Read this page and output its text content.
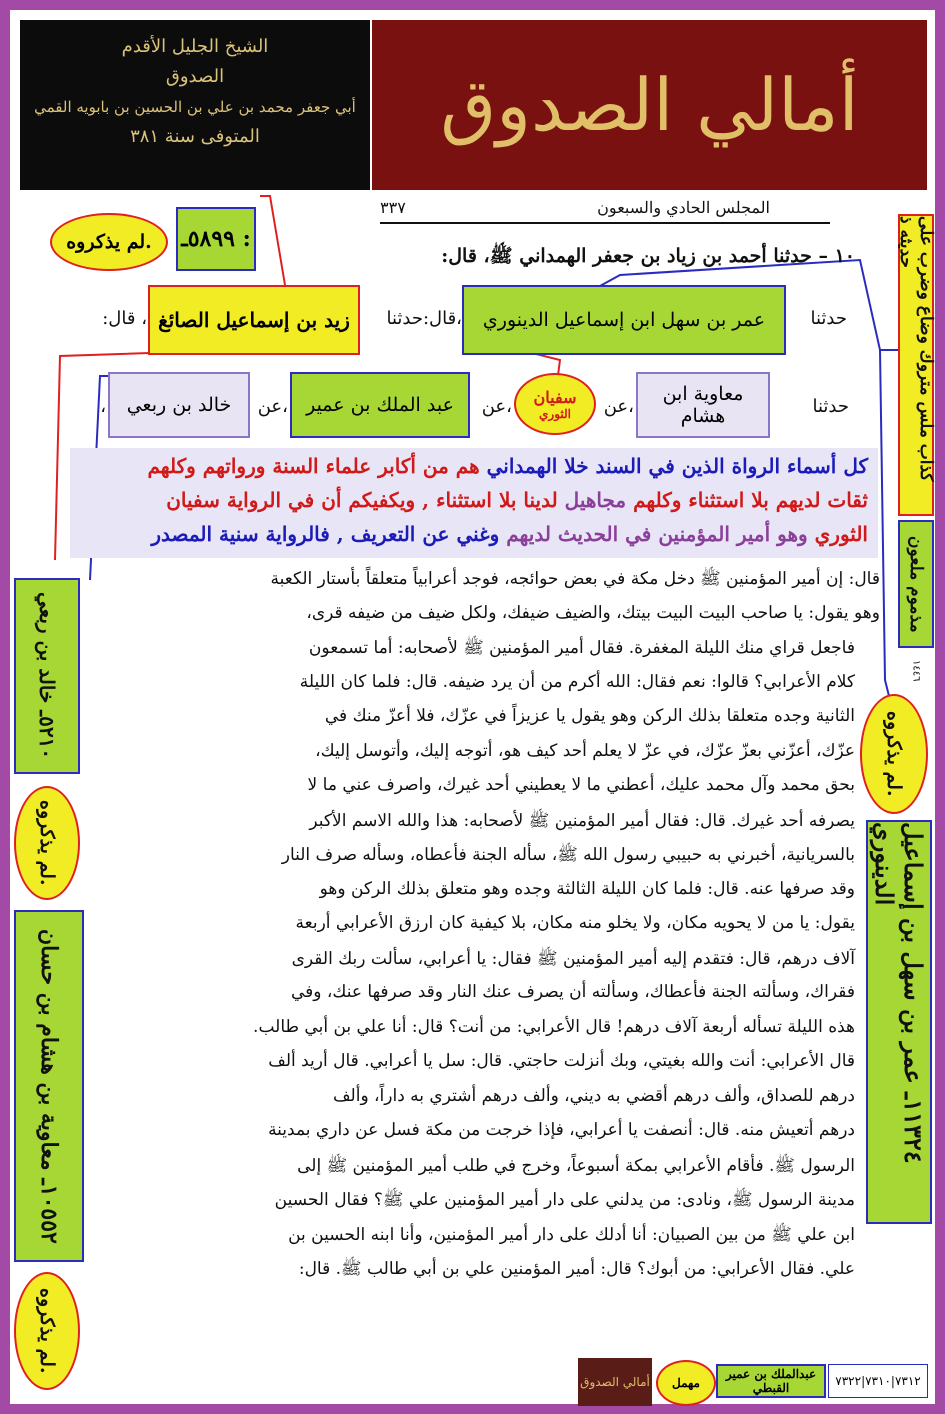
الشيخ الجليل الأقدم
الصدوق
أبي جعفر محمد بن علي بن الحسين بن بابويه القمي
المتوفى سنة ٣٨١	أمالي الصدوق
٣٣٧	المجلس الحادي والسبعون
لم يذكروه.	٥٨٩٩ـ :
١٠ – حدثنا أحمد بن زياد بن جعفر الهمداني ﷺ، قال:
زيد بن إسماعيل الصائغ	عمر بن سهل ابن إسماعيل الدينوري	حدثنا
،قال:حدثنا
، قال:
خالد بن ربعي	عبد الملك بن عمير	سفيان
الثوري
معاوية ابن هشام	حدثنا
،عن
،عن
،عن
،
كل أسماء الرواة الذين في السند خلا الهمداني هم من أكابر علماء السنة ورواتهم وكلهم
ثقات لديهم بلا استثناء وكلهم مجاهيل لدينا بلا استثناء , ويكفيكم أن في الرواية سفيان
الثوري وهو أمير المؤمنين في الحديث لديهم وغني عن التعريف , فالرواية سنية المصدر
قال: إن أمير المؤمنين ﷺ دخل مكة في بعض حوائجه، فوجد أعرابياً متعلقاً بأستار الكعبة
وهو يقول: يا صاحب البيت البيت بيتك، والضيف ضيفك، ولكل ضيف من ضيفه قرى،
فاجعل قراي منك الليلة المغفرة. فقال أمير المؤمنين ﷺ لأصحابه: أما تسمعون
كلام الأعرابي؟ قالوا: نعم فقال: الله أكرم من أن يرد ضيفه. قال: فلما كان الليلة
الثانية وجده متعلقا بذلك الركن وهو يقول يا عزيزاً في عزّك، فلا أعزّ منك في
عزّك، أعزّني بعزّ عزّك، في عزّ لا يعلم أحد كيف هو، أتوجه إليك، وأتوسل إليك،
بحق محمد وآل محمد عليك، أعطني ما لا يعطيني أحد غيرك، واصرف عني ما لا
يصرفه أحد غيرك. قال: فقال أمير المؤمنين ﷺ لأصحابه: هذا والله الاسم الأكبر
بالسريانية، أخبرني به حبيبي رسول الله ﷺ، سأله الجنة فأعطاه، وسأله صرف النار
وقد صرفها عنه. قال: فلما كان الليلة الثالثة وجده وهو متعلق بذلك الركن وهو
يقول: يا من لا يحويه مكان، ولا يخلو منه مكان، بلا كيفية كان ارزق الأعرابي أربعة
آلاف درهم، قال: فتقدم إليه أمير المؤمنين ﷺ فقال: يا أعرابي، سألت ربك القرى
فقراك، وسألته الجنة فأعطاك، وسألته أن يصرف عنك النار وقد صرفها عنك، وفي
هذه الليلة تسأله أربعة آلاف درهم! قال الأعرابي: من أنت؟ قال: أنا علي بن أبي طالب.
قال الأعرابي: أنت والله بغيتي، وبك أنزلت حاجتي. قال: سل يا أعرابي. قال أريد ألف
درهم للصداق، وألف درهم أقضي به ديني، وألف درهم أشتري به داراً، وألف
درهم أتعيش منه. قال: أنصفت يا أعرابي، فإذا خرجت من مكة فسل عن داري بمدينة
الرسول ﷺ. فأقام الأعرابي بمكة أسبوعاً، وخرج في طلب أمير المؤمنين ﷺ إلى
مدينة الرسول ﷺ، ونادى: من يدلني على دار أمير المؤمنين علي ﷺ؟ فقال الحسين
ابن علي ﷺ من بين الصبيان: أنا أدلك على دار أمير المؤمنين، وأنا ابنه الحسين بن
علي. فقال الأعرابي: من أبوك؟ قال: أمير المؤمنين علي بن أبي طالب ﷺ. قال:
كذاب ملس متروك وضاع وضرب على حديثه ذ
مذموم ملعون
١٤٤٦
لم يذكروه.
١١٣٢٤ـ عمر بن سهل بن إسماعيل الدينوري
٥٢١٠ـ خالد بن ربعي
لم يذكروه.
١٠٥٥٢ـ معاوية بن هشام بن حسان
لم يذكروه.
أمالي الصدوق	مهمل
عبدالملك بن عمير القبطي	٧٣١٢|٧٣١٠|٧٣٢٢
